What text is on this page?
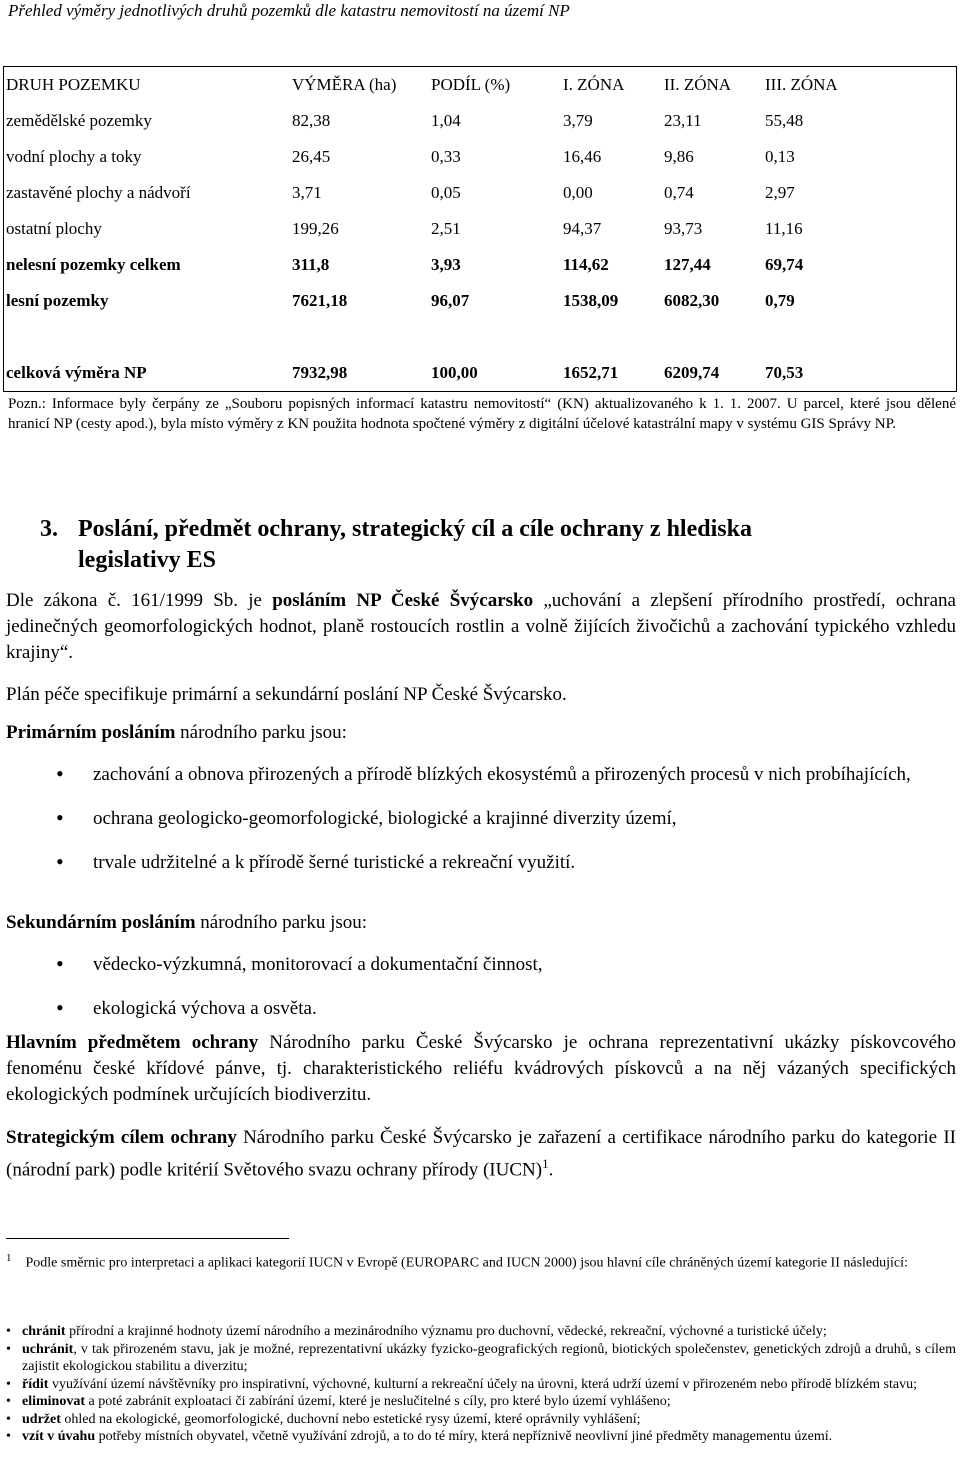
Přehled výměry jednotlivých druhů pozemků dle katastru nemovitostí na území NP
DRUH POZEMKU	VÝMĚRA (ha)	PODÍL (%)	I. ZÓNA	II. ZÓNA	III. ZÓNA
zemědělské pozemky	82,38	1,04	3,79	23,11	55,48
vodní plochy a toky	26,45	0,33	16,46	9,86	0,13
zastavěné plochy a nádvoří	3,71	0,05	0,00	0,74	2,97
ostatní plochy	199,26	2,51	94,37	93,73	11,16
nelesní pozemky celkem	311,8	3,93	114,62	127,44	69,74
lesní pozemky	7621,18	96,07	1538,09	6082,30	0,79

celková výměra NP	7932,98	100,00	1652,71	6209,74	70,53
Pozn.: Informace byly čerpány ze „Souboru popisných informací katastru nemovitostí“ (KN) aktualizovaného k 1. 1. 2007. U parcel, které jsou dělené hranicí NP (cesty apod.), byla místo výměry z KN použita hodnota spočtené výměry z digitální účelové katastrální mapy v systému GIS Správy NP.
3. Poslání, předmět ochrany, strategický cíl a cíle ochrany z hlediska
legislativy ES
Dle zákona č. 161/1999 Sb. je posláním NP České Švýcarsko „uchování a zlepšení přírodního prostředí, ochrana jedinečných geomorfologických hodnot, planě rostoucích rostlin a volně žijících živočichů a zachování typického vzhledu krajiny“.
Plán péče specifikuje primární a sekundární poslání NP České Švýcarsko.
Primárním posláním národního parku jsou:
• zachování a obnova přirozených a přírodě blízkých ekosystémů a přirozených procesů v nich probíhajících,
• ochrana geologicko-geomorfologické, biologické a krajinné diverzity území,
• trvale udržitelné a k přírodě šerné turistické a rekreační využití.
Sekundárním posláním národního parku jsou:
• vědecko-výzkumná, monitorovací a dokumentační činnost,
• ekologická výchova a osvěta.
Hlavním předmětem ochrany Národního parku České Švýcarsko je ochrana reprezentativní ukázky pískovcového fenoménu české křídové pánve, tj. charakteristického reliéfu kvádrových pískovců a na něj vázaných specifických ekologických podmínek určujících biodiverzitu.
Strategickým cílem ochrany Národního parku České Švýcarsko je zařazení a certifikace národního parku do kategorie II (národní park) podle kritérií Světového svazu ochrany přírody (IUCN)$^1$.
$^1$ Podle směrnic pro interpretaci a aplikaci kategorií IUCN v Evropě (EUROPARC and IUCN 2000) jsou hlavní cíle chráněných území kategorie II následující:
• chránit přírodní a krajinné hodnoty území národního a mezinárodního významu pro duchovní, vědecké, rekreační, výchovné a turistické účely;
• uchránit, v tak přirozeném stavu, jak je možné, reprezentativní ukázky fyzicko-geografických regionů, biotických společenstev, genetických zdrojů a druhů, s cílem zajistit ekologickou stabilitu a diverzitu;
• řídit využívání území návštěvníky pro inspirativní, výchovné, kulturní a rekreační účely na úrovni, která udrží území v přirozeném nebo přírodě blízkém stavu;
• eliminovat a poté zabránit exploataci či zabírání území, které je neslučitelné s cíly, pro které bylo území vyhlášeno;
• udržet ohled na ekologické, geomorfologické, duchovní nebo estetické rysy území, které oprávnily vyhlášení;
• vzít v úvahu potřeby místních obyvatel, včetně využívání zdrojů, a to do té míry, která nepříznivě neovlivní jiné předměty managementu území.
